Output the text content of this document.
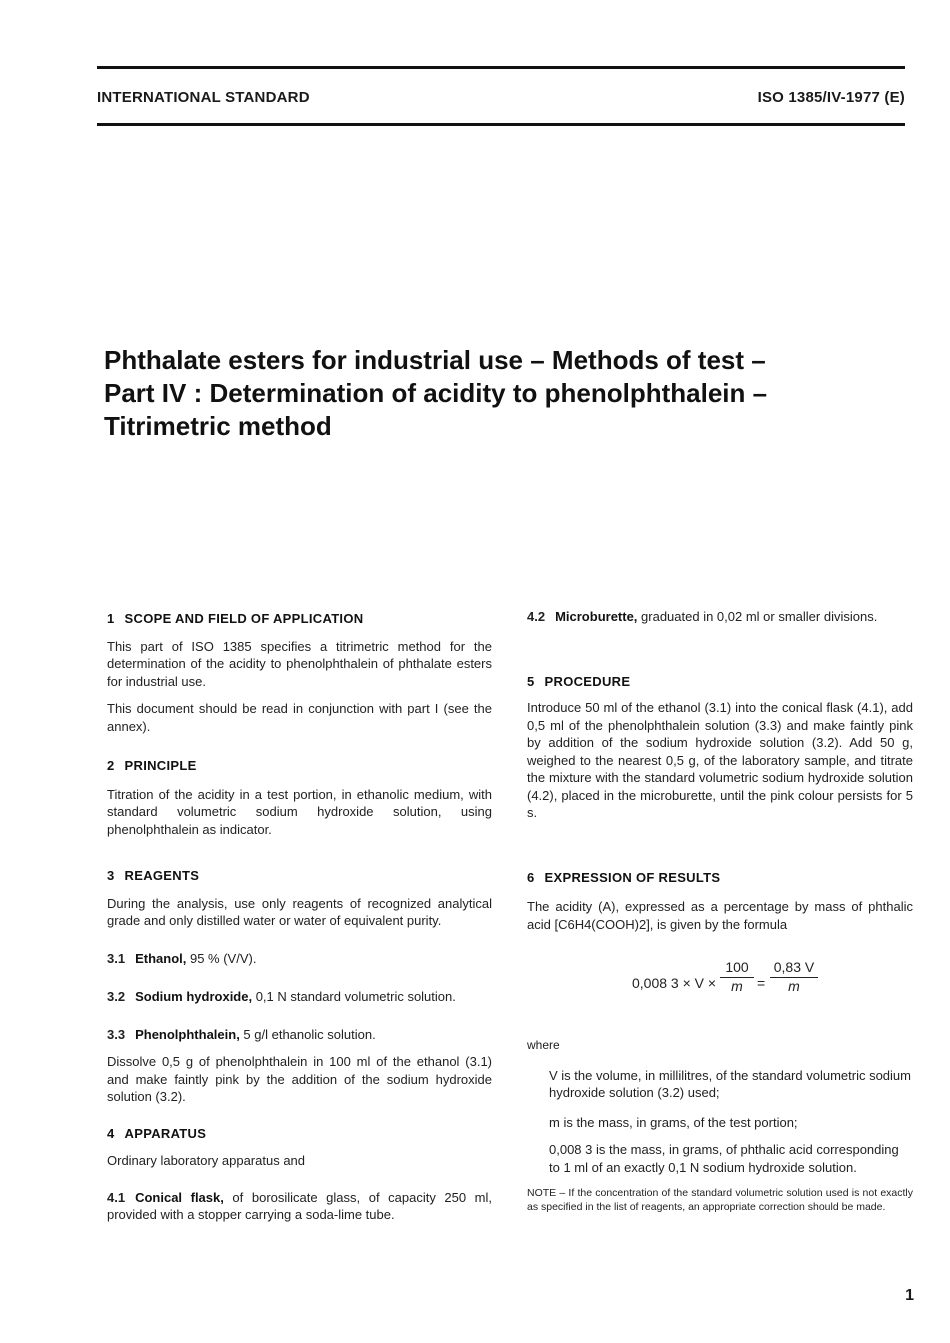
INTERNATIONAL STANDARD	ISO 1385/IV-1977 (E)
Phthalate esters for industrial use – Methods of test –
Part IV : Determination of acidity to phenolphthalein –
Titrimetric method
1 SCOPE AND FIELD OF APPLICATION

This part of ISO 1385 specifies a titrimetric method for the determination of the acidity to phenolphthalein of phthalate esters for industrial use.

This document should be read in conjunction with part I (see the annex).

2 PRINCIPLE

Titration of the acidity in a test portion, in ethanolic medium, with standard volumetric sodium hydroxide solution, using phenolphthalein as indicator.

3 REAGENTS

During the analysis, use only reagents of recognized analytical grade and only distilled water or water of equivalent purity.

3.1 Ethanol, 95 % (V/V).
3.2 Sodium hydroxide, 0,1 N standard volumetric solution.
3.3 Phenolphthalein, 5 g/l ethanolic solution.

Dissolve 0,5 g of phenolphthalein in 100 ml of the ethanol (3.1) and make faintly pink by the addition of the sodium hydroxide solution (3.2).

4 APPARATUS

Ordinary laboratory apparatus and

4.1 Conical flask, of borosilicate glass, of capacity 250 ml, provided with a stopper carrying a soda-lime tube.
4.2 Microburette, graduated in 0,02 ml or smaller divisions.
5 PROCEDURE

Introduce 50 ml of the ethanol (3.1) into the conical flask (4.1), add 0,5 ml of the phenolphthalein solution (3.3) and make faintly pink by addition of the sodium hydroxide solution (3.2). Add 50 g, weighed to the nearest 0,5 g, of the laboratory sample, and titrate the mixture with the standard volumetric sodium hydroxide solution (4.2), placed in the microburette, until the pink colour persists for 5 s.

6 EXPRESSION OF RESULTS

The acidity (A), expressed as a percentage by mass of phthalic acid [C6H4(COOH)2], is given by the formula

0,008 $3 \times V \times \frac{100}{m} = \frac{0,83 V}{m}$

where

V is the volume, in millilitres, of the standard volumetric sodium hydroxide solution (3.2) used;

m is the mass, in grams, of the test portion;

0,008 3 is the mass, in grams, of phthalic acid corresponding to 1 ml of an exactly 0,1 N sodium hydroxide solution.

NOTE – If the concentration of the standard volumetric solution used is not exactly as specified in the list of reagents, an appropriate correction should be made.

1
